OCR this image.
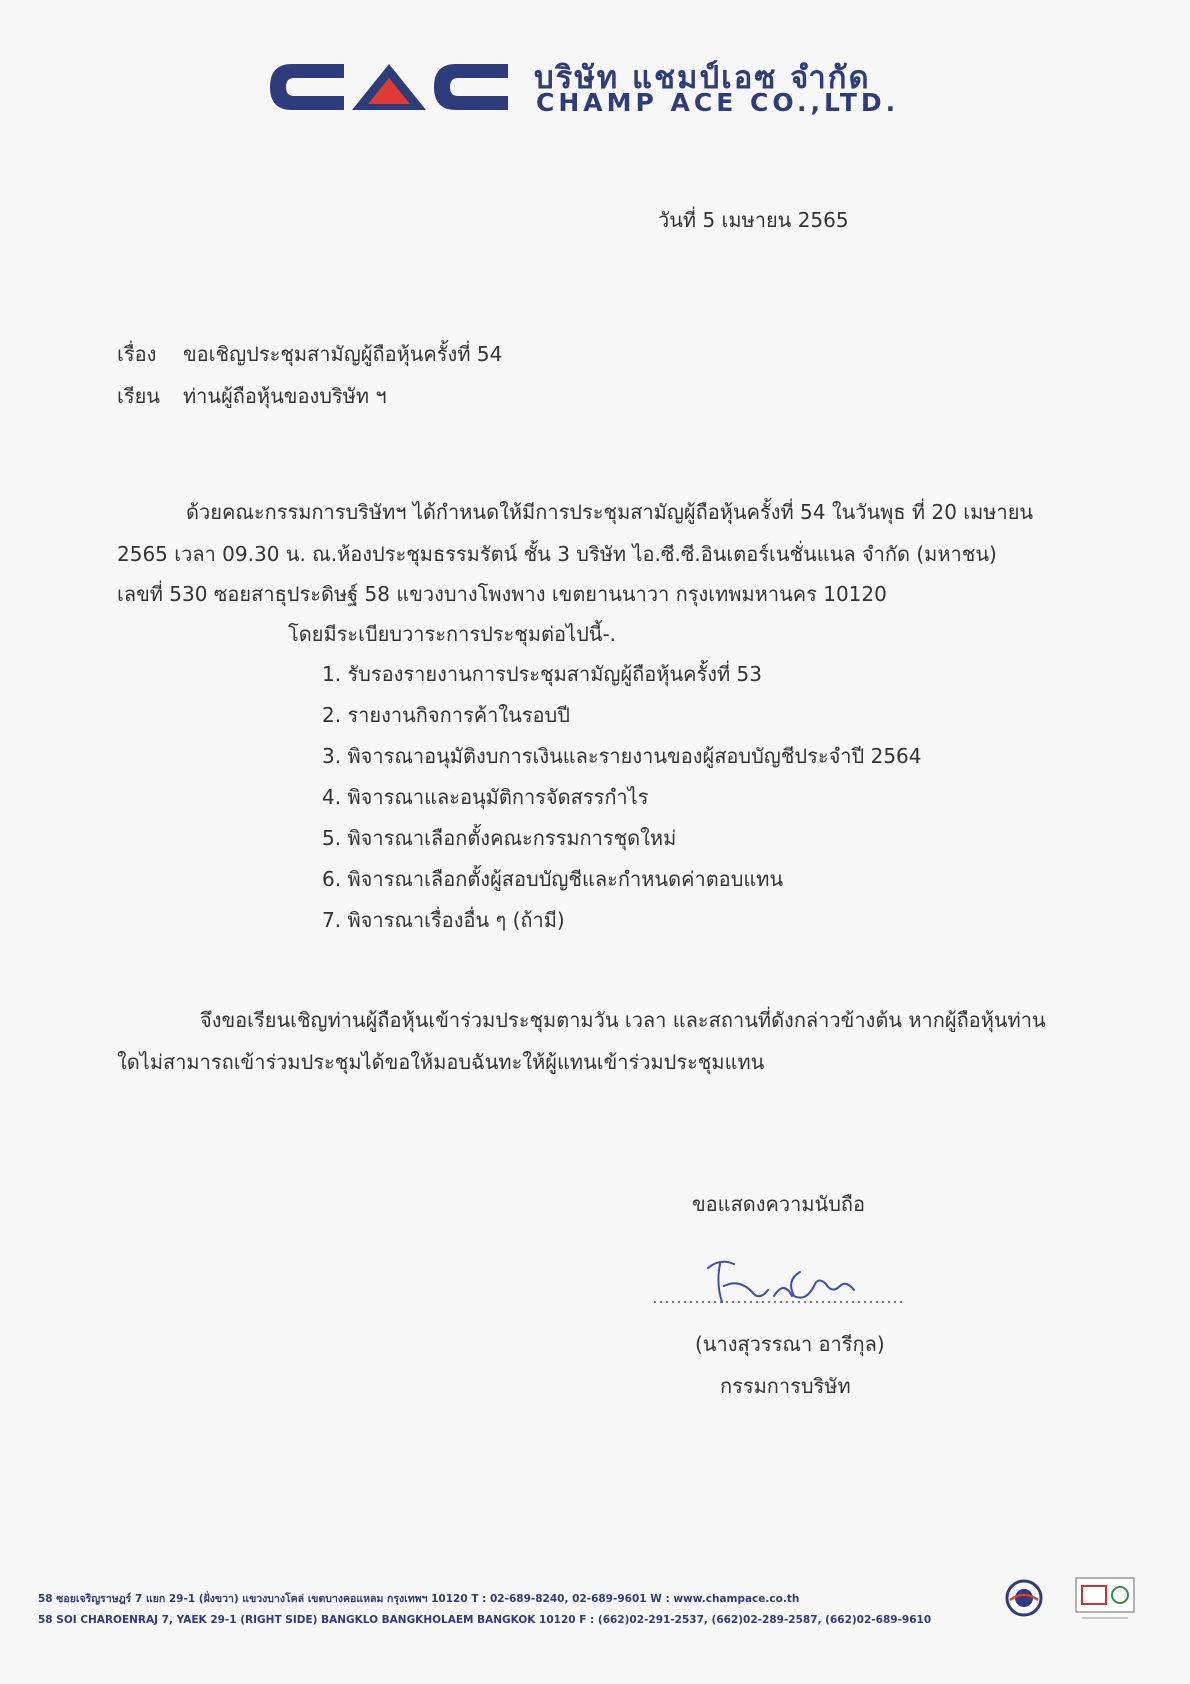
บริษัท แชมป์เอซ จำกัด
CHAMP ACE CO.,LTD.
วันที่ 5 เมษายน 2565
เรื่อง ขอเชิญประชุมสามัญผู้ถือหุ้นครั้งที่ 54
เรียน ท่านผู้ถือหุ้นของบริษัท ฯ
ด้วยคณะกรรมการบริษัทฯ ได้กำหนดให้มีการประชุมสามัญผู้ถือหุ้นครั้งที่ 54 ในวันพุธ ที่ 20 เมษายน
2565 เวลา 09.30 น. ณ.ห้องประชุมธรรมรัตน์ ชั้น 3 บริษัท ไอ.ซี.ซี.อินเตอร์เนชั่นแนล จำกัด (มหาชน)
เลขที่ 530 ซอยสาธุประดิษฐ์ 58 แขวงบางโพงพาง เขตยานนาวา กรุงเทพมหานคร 10120
โดยมีระเบียบวาระการประชุมต่อไปนี้-.
1. รับรองรายงานการประชุมสามัญผู้ถือหุ้นครั้งที่ 53
2. รายงานกิจการค้าในรอบปี
3. พิจารณาอนุมัติงบการเงินและรายงานของผู้สอบบัญชีประจำปี 2564
4. พิจารณาและอนุมัติการจัดสรรกำไร
5. พิจารณาเลือกตั้งคณะกรรมการชุดใหม่
6. พิจารณาเลือกตั้งผู้สอบบัญชีและกำหนดค่าตอบแทน
7. พิจารณาเรื่องอื่น ๆ (ถ้ามี)
จึงขอเรียนเชิญท่านผู้ถือหุ้นเข้าร่วมประชุมตามวัน เวลา และสถานที่ดังกล่าวข้างต้น หากผู้ถือหุ้นท่าน
ใดไม่สามารถเข้าร่วมประชุมได้ขอให้มอบฉันทะให้ผู้แทนเข้าร่วมประชุมแทน
ขอแสดงความนับถือ
(นางสุวรรณา อารีกุล)
กรรมการบริษัท
58 ซอยเจริญราษฎร์ 7 แยก 29-1 (ฝั่งขวา) แขวงบางโคล่ เขตบางคอแหลม กรุงเทพฯ 10120 T : 02-689-8240, 02-689-9601 W : www.champace.co.th
58 SOI CHAROENRAJ 7, YAEK 29-1 (RIGHT SIDE) BANGKLO BANGKHOLAEM BANGKOK 10120 F : (662)02-291-2537, (662)02-289-2587, (662)02-689-9610
